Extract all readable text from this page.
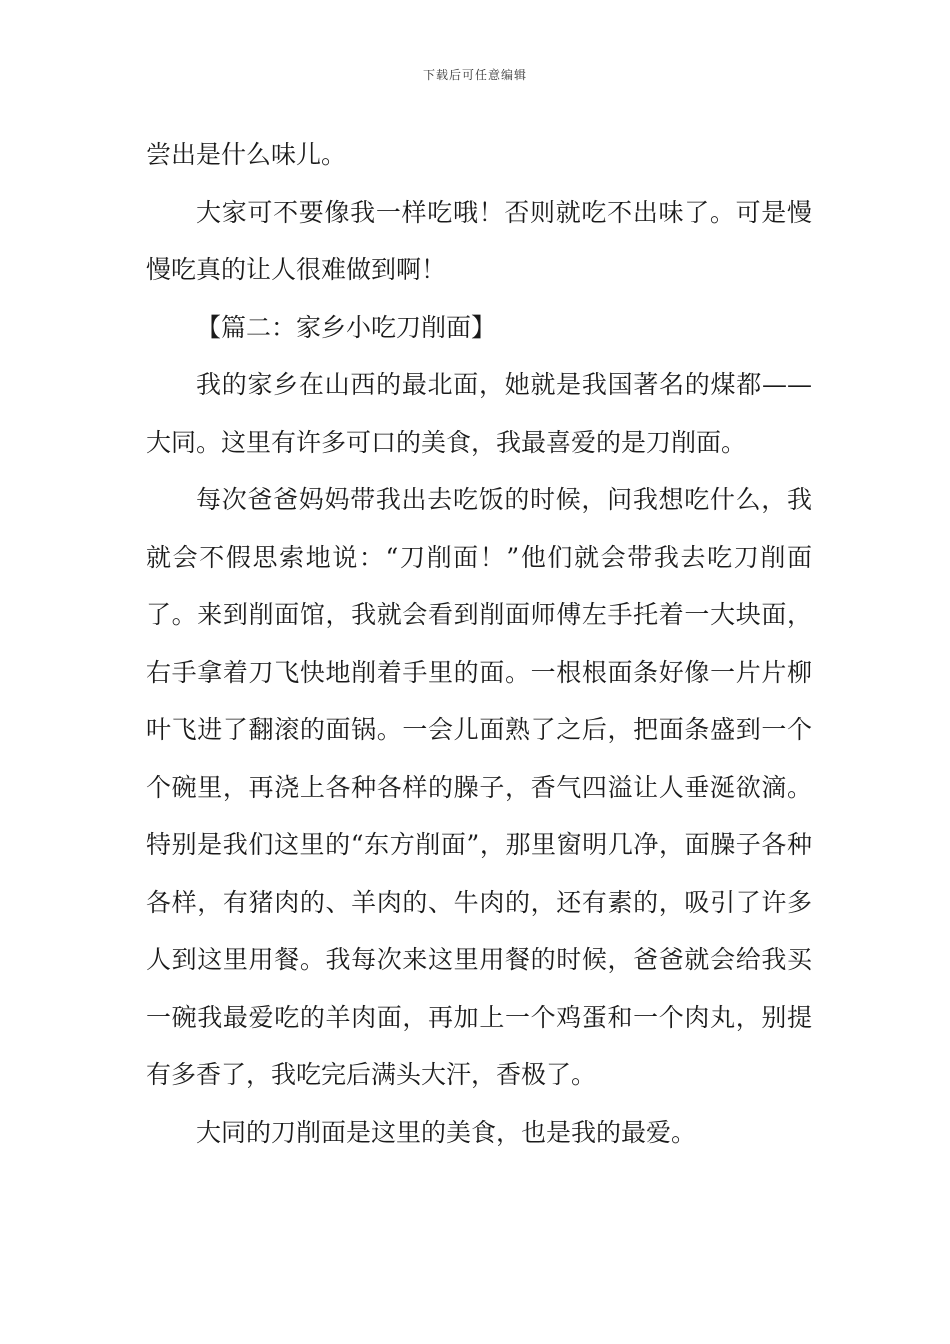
下载后可任意编辑

尝出是什么味儿。

大家可不要像我一样吃哦！否则就吃不出味了。可是慢慢吃真的让人很难做到啊！

【篇二：家乡小吃刀削面】

我的家乡在山西的最北面，她就是我国著名的煤都——大同。这里有许多可口的美食，我最喜爱的是刀削面。

每次爸爸妈妈带我出去吃饭的时候，问我想吃什么，我就会不假思索地说：“刀削面！”他们就会带我去吃刀削面了。来到削面馆，我就会看到削面师傅左手托着一大块面，右手拿着刀飞快地削着手里的面。一根根面条好像一片片柳叶飞进了翻滚的面锅。一会儿面熟了之后，把面条盛到一个个碗里，再浇上各种各样的臊子，香气四溢让人垂涎欲滴。特别是我们这里的“东方削面”，那里窗明几净，面臊子各种各样，有猪肉的、羊肉的、牛肉的，还有素的，吸引了许多人到这里用餐。我每次来这里用餐的时候，爸爸就会给我买一碗我最爱吃的羊肉面，再加上一个鸡蛋和一个肉丸，别提有多香了，我吃完后满头大汗，香极了。

大同的刀削面是这里的美食，也是我的最爱。
